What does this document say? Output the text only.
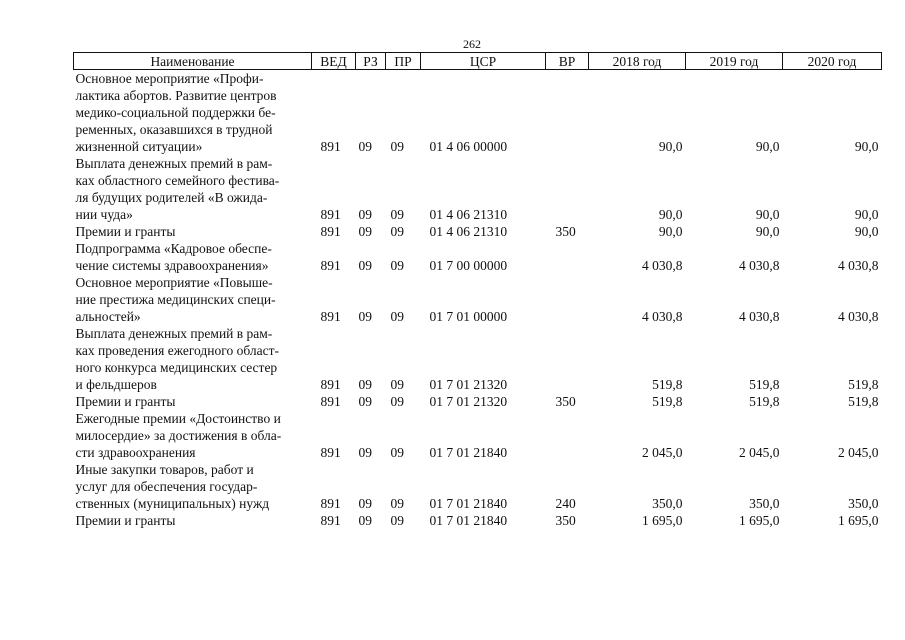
262
Наименование	ВЕД	РЗ	ПР	ЦСР	ВР	2018 год	2019 год	2020 год

Основное мероприятие «Профи-
лактика абортов. Развитие центров
медико-социальной поддержки бе-
ременных, оказавшихся в трудной
жизненной ситуации»	891	09	09	01 4 06 00000		90,0	90,0	90,0

Выплата денежных премий в рам-
ках областного семейного фестива-
ля будущих родителей «В ожида-
нии чуда»	891	09	09	01 4 06 21310		90,0	90,0	90,0

Премии и гранты	891	09	09	01 4 06 21310	350	90,0	90,0	90,0

Подпрограмма «Кадровое обеспе-
чение системы здравоохранения»	891	09	09	01 7 00 00000		4 030,8	4 030,8	4 030,8

Основное мероприятие «Повыше-
ние престижа медицинских специ-
альностей»	891	09	09	01 7 01 00000		4 030,8	4 030,8	4 030,8

Выплата денежных премий в рам-
ках проведения ежегодного област-
ного конкурса медицинских сестер
и фельдшеров	891	09	09	01 7 01 21320		519,8	519,8	519,8

Премии и гранты	891	09	09	01 7 01 21320	350	519,8	519,8	519,8

Ежегодные премии «Достоинство и
милосердие» за достижения в обла-
сти здравоохранения	891	09	09	01 7 01 21840		2 045,0	2 045,0	2 045,0

Иные закупки товаров, работ и
услуг для обеспечения государ-
ственных (муниципальных) нужд	891	09	09	01 7 01 21840	240	350,0	350,0	350,0

Премии и гранты	891	09	09	01 7 01 21840	350	1 695,0	1 695,0	1 695,0
